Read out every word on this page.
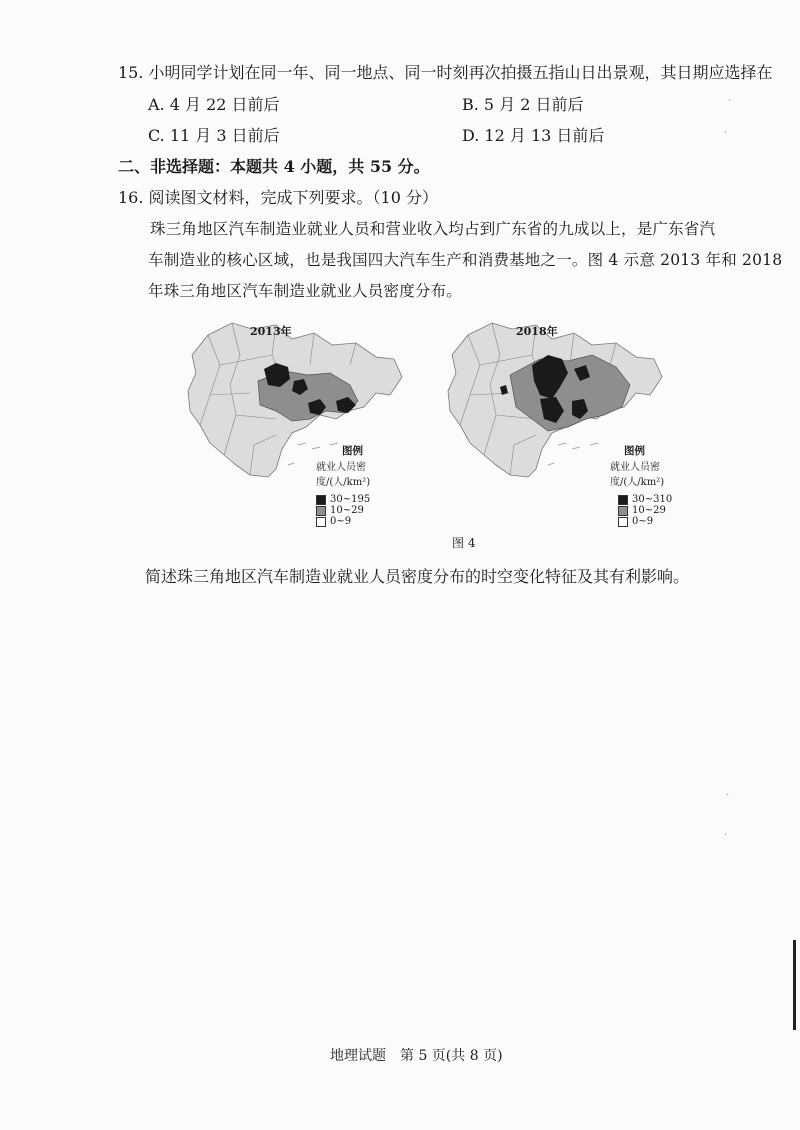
15. 小明同学计划在同一年、同一地点、同一时刻再次拍摄五指山日出景观，其日期应选择在
A. 4 月 22 日前后	B. 5 月 2 日前后
C. 11 月 3 日前后	D. 12 月 13 日前后
二、非选择题：本题共 4 小题，共 55 分。
16. 阅读图文材料，完成下列要求。（10 分）
珠三角地区汽车制造业就业人员和营业收入均占到广东省的九成以上，是广东省汽
车制造业的核心区域，也是我国四大汽车生产和消费基地之一。图 4 示意 2013 年和 2018
年珠三角地区汽车制造业就业人员密度分布。
2013年
图例
就业人员密度/(人/km²)
30~195
10~29
0~9
2018年
图例
就业人员密度/(人/km²)
30~310
10~29
0~9
图 4
简述珠三角地区汽车制造业就业人员密度分布的时空变化特征及其有利影响。
地理试题　第 5 页(共 8 页)
·
·
·
·
